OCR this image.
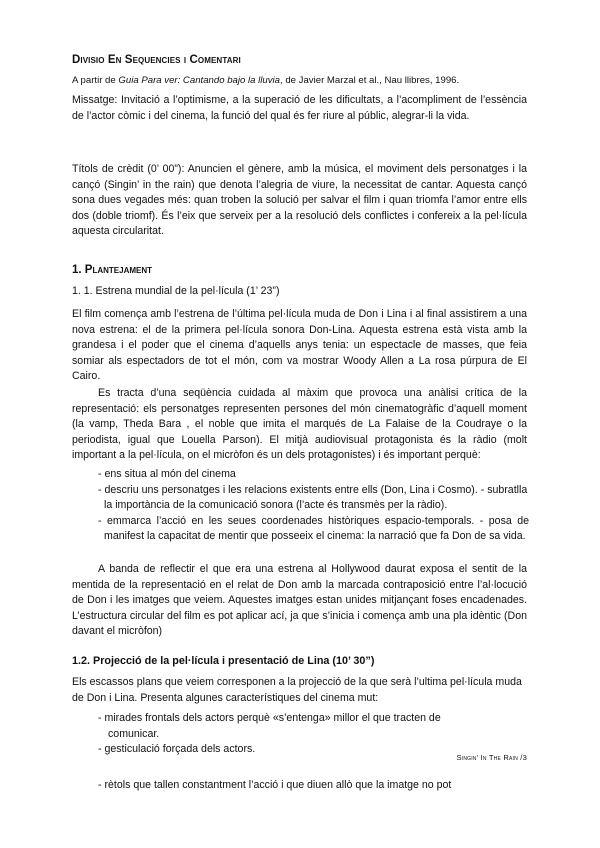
Divisio En Sequencies i Comentari
A partir de Guia Para ver: Cantando bajo la lluvia, de Javier Marzal et al., Nau llibres, 1996.
Missatge: Invitació a l’optimisme, a la superació de les dificultats, a l’acompliment de l’essència de l’actor còmic i del cinema, la funció del qual és fer riure al públic, alegrar-li la vida.
Títols de crèdit (0’ 00”): Anuncien el gènere, amb la música, el moviment dels personatges i la cançó (Singin’ in the rain) que denota l’alegria de viure, la necessitat de cantar. Aquesta cançó sona dues vegades més: quan troben la solució per salvar el film i quan triomfa l’amor entre ells dos (doble triomf). És l’eix que serveix per a la resolució dels conflictes i confereix a la pel·lícula aquesta circularitat.
1. Plantejament
1. 1. Estrena mundial de la pel·lícula (1’ 23”)
El film comença amb l’estrena de l’última pel·lícula muda de Don i Lina i al final assistirem a una nova estrena: el de la primera pel·lícula sonora Don-Lina. Aquesta estrena està vista amb la grandesa i el poder que el cinema d’aquells anys tenia: un espectacle de masses, que feia somiar als espectadors de tot el món, com va mostrar Woody Allen a La rosa púrpura de El Cairo.
Es tracta d’una seqüència cuidada al màxim que provoca una anàlisi crítica de la representació: els personatges representen persones del món cinematogràfic d’aquell moment (la vamp, Theda Bara , el noble que imita el marqués de La Falaise de la Coudraye o la periodista, igual que Louella Parson). El mitjà audiovisual protagonista és la ràdio (molt important a la pel·lícula, on el micròfon és un dels protagonistes) i és important perquè:
- ens situa al món del cinema
- descriu uns personatges i les relacions existents entre ells (Don, Lina i Cosmo). - subratlla la importància de la comunicació sonora (l’acte és transmès per la ràdio).
- emmarca l’acció en les seues coordenades històriques espacio-temporals. - posa de manifest la capacitat de mentir que posseeix el cinema: la narració que fa Don de sa vida.
A banda de reflectir el que era una estrena al Hollywood daurat exposa el sentit de la mentida de la representació en el relat de Don amb la marcada contraposició entre l’al·locució de Don i les imatges que veiem. Aquestes imatges estan unides mitjançant foses encadenades. L’estructura circular del film es pot aplicar ací, ja que s’inicia i comença amb una pla idèntic (Don davant el micròfon)
1.2. Projecció de la pel·lícula i presentació de Lina (10’ 30”)
Els escassos plans que veiem corresponen a la projecció de la que serà l’ultima pel·lícula muda de Don i Lina. Presenta algunes característiques del cinema mut:
- mirades frontals dels actors perquè «s’entenga» millor el que tracten de
comunicar.
- gesticulació forçada dels actors.
Singin’ In The Rain /3
- rètols que tallen constantment l’acció i que diuen allò que la imatge no pot
